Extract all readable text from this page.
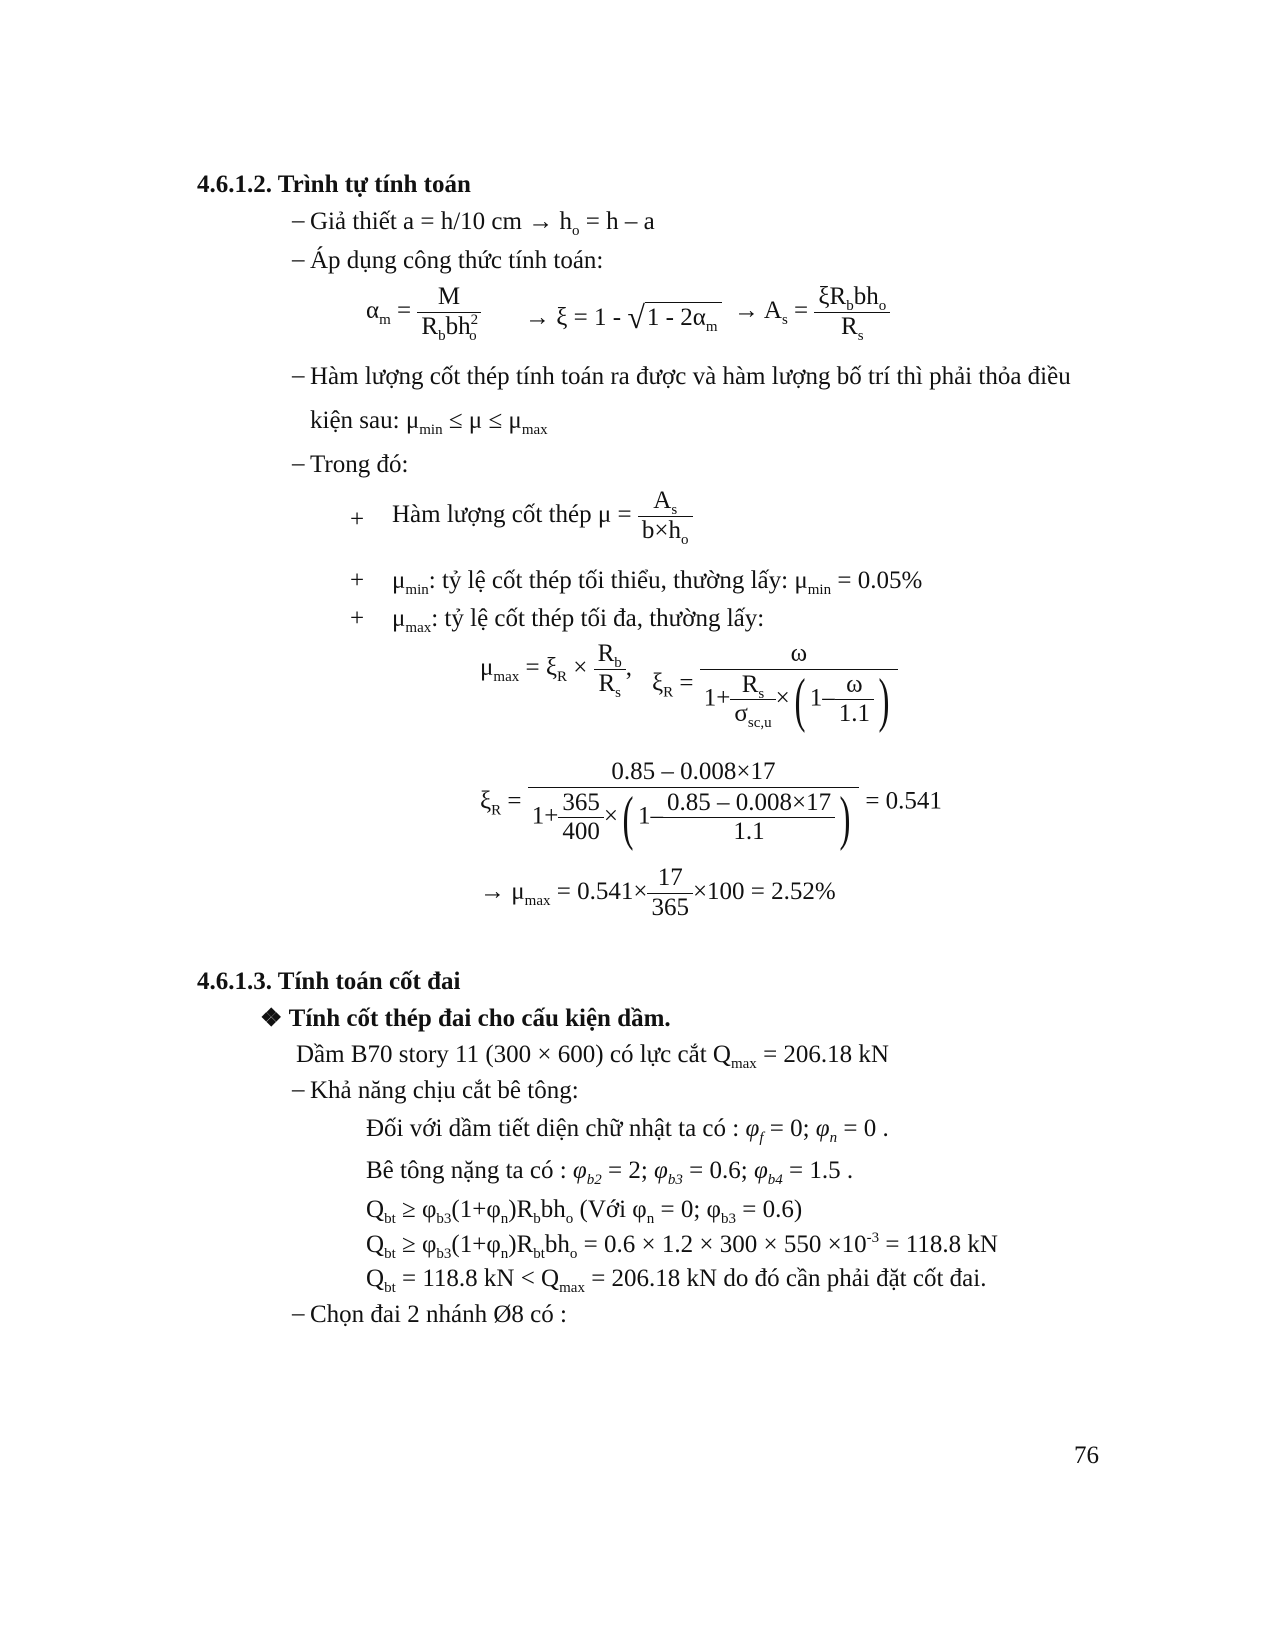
4.6.1.2. Trình tự tính toán
– Giả thiết a = h/10 cm → $h_o = h - a$
– Áp dụng công thức tính toán:
$\alpha_m = \frac{M}{R_bbh^2_o} \to \xi = 1 - √1 - 2\alpha_m$
→ $A_s = \frac{\xi R_bbh_o}{R_s}$
– Hàm lượng cốt thép tính toán ra được và hàm lượng bố trí thì phải thỏa điều
kiện sau: $\mu_{min} \le \mu \le \mu_{max}$
– Trong đó:
+ Hàm lượng cốt thép $\mu = \frac{A_s}{b\times h_o}$
+ $\mu_{min}$: tỷ lệ cốt thép tối thiểu, thường lấy: $\mu_{min} = 0.05\%$
+ $\mu_{max}$: tỷ lệ cốt thép tối đa, thường lấy:
$\mu_{max} = \xi_R \times \frac{R_b}{R_s}$ ,
$\xi_R = \frac{\omega}{1+ \frac{R_s}{\sigma_{sc,u}} \times( 1- \frac{\omega}{1.1} )}$
$\xi_R = \frac{0.85 - 0.008\times 17}{1+ \frac{365}{400} \times( 1- \frac{0.85 - 0.008\times 17}{1.1} )} = 0.541$
→ $\mu_{max} = 0.541\times \frac{17}{365} \times 100 = 2.52\%$
4.6.1.3. Tính toán cốt đai
❖ Tính cốt thép đai cho cấu kiện dầm.
Dầm B70 story 11 (300 × 600) có lực cắt $Q_{max} = 206.18$ kN
– Khả năng chịu cắt bê tông:
Đối với dầm tiết diện chữ nhật ta có : $\varphi_f = 0$; $\varphi_n = 0$ .
Bê tông nặng ta có : $\varphi_{b2} = 2$; $\varphi_{b3} = 0.6$; $\varphi_{b4} = 1.5$ .
$Q_{bt} \ge \varphi_{b3}(1+\varphi_n)R_bbh_o$ (Với $\varphi_n = 0$; $\varphi_{b3} = 0.6$)
$Q_{bt} \ge \varphi_{b3}(1+\varphi_n)R_{bt}bh_o = 0.6 \times 1.2 \times 300 \times 550 \times 10^{-3} = 118.8$ kN
$Q_{bt} = 118.8$ kN < $Q_{max} = 206.18$ kN do đó cần phải đặt cốt đai.
– Chọn đai 2 nhánh Ø8 có :
76
